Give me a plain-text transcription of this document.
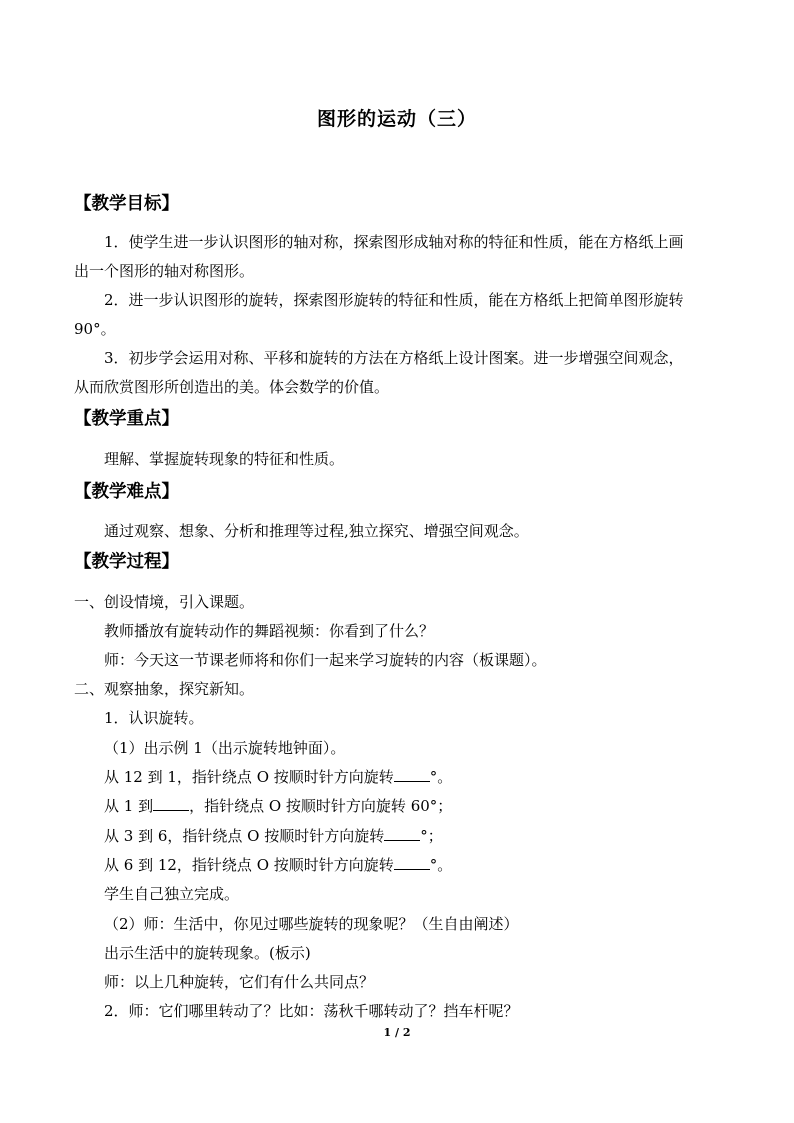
图形的运动（三）
【教学目标】
1．使学生进一步认识图形的轴对称，探索图形成轴对称的特征和性质，能在方格纸上画
出一个图形的轴对称图形。
2．进一步认识图形的旋转，探索图形旋转的特征和性质，能在方格纸上把简单图形旋转
90°。
3．初步学会运用对称、平移和旋转的方法在方格纸上设计图案。进一步增强空间观念，
从而欣赏图形所创造出的美。体会数学的价值。
【教学重点】
理解、掌握旋转现象的特征和性质。
【教学难点】
通过观察、想象、分析和推理等过程,独立探究、增强空间观念。
【教学过程】
一、创设情境，引入课题。
教师播放有旋转动作的舞蹈视频：你看到了什么？
师：今天这一节课老师将和你们一起来学习旋转的内容（板课题）。
二、观察抽象，探究新知。
1．认识旋转。
（1）出示例 1（出示旋转地钟面）。
从 12 到 1，指针绕点 O 按顺时针方向旋转 °。
从 1 到 ，指针绕点 O 按顺时针方向旋转 60°；
从 3 到 6，指针绕点 O 按顺时针方向旋转 °；
从 6 到 12，指针绕点 O 按顺时针方向旋转 °。
学生自己独立完成。
（2）师：生活中，你见过哪些旋转的现象呢？（生自由阐述）
出示生活中的旋转现象。(板示)
师：以上几种旋转，它们有什么共同点？
2．师：它们哪里转动了？比如：荡秋千哪转动了？挡车杆呢？
1 / 2
